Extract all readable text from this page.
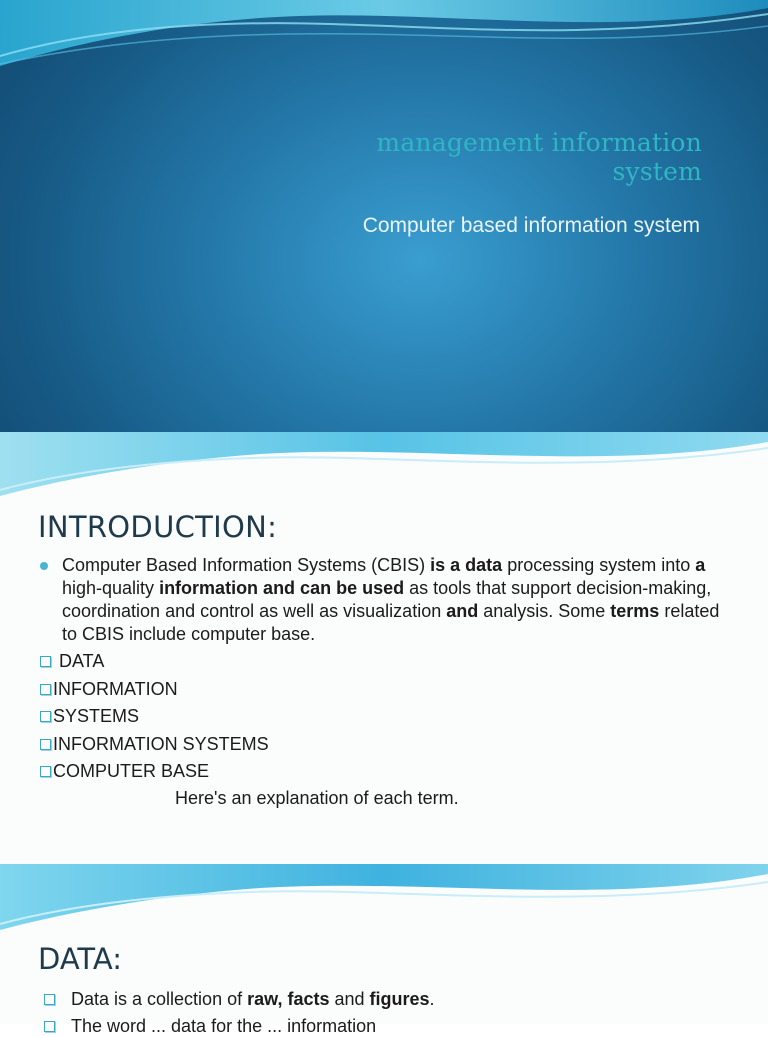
management information system
Computer based information system
INTRODUCTION:
Computer Based Information Systems (CBIS) is a data processing system into a high-quality information and can be used as tools that support decision-making, coordination and control as well as visualization and analysis. Some terms related to CBIS include computer base.
DATA
INFORMATION
SYSTEMS
INFORMATION SYSTEMS
COMPUTER BASE
Here's an explanation of each term.
DATA:
Data is a collection of raw, facts and figures.
The word ... data for the ... information
